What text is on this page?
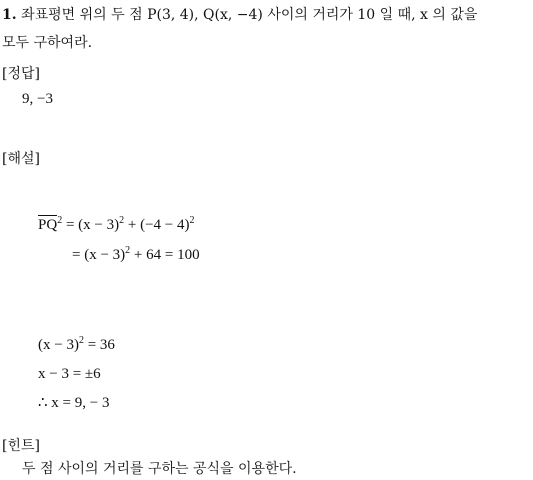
1. 좌표평면 위의 두 점 P(3, 4), Q(x, −4) 사이의 거리가 10 일 때, x 의 값을
모두 구하여라.
[정답]
9, −3
[해설]
$PQ^2 = (x - 3)^2 + (-4 - 4)^2$
= $(x - 3)^2 + 64 = 100$
$(x - 3)^2 = 36$
x − 3 = ±6
∴ x = 9, − 3
[힌트]
두 점 사이의 거리를 구하는 공식을 이용한다.
